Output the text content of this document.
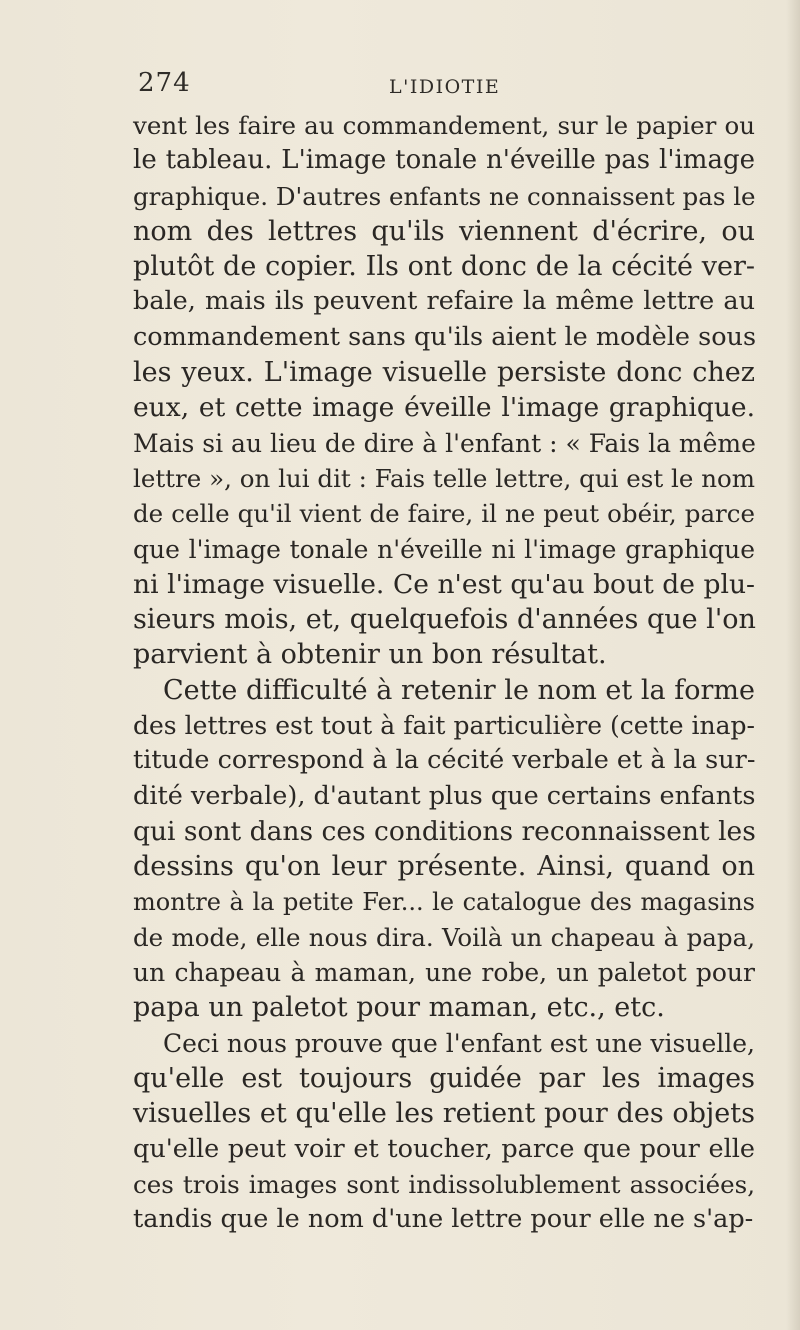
274	L'IDIOTIE
vent les faire au commandement, sur le papier ou
le tableau. L'image tonale n'éveille pas l'image
graphique. D'autres enfants ne connaissent pas le
nom des lettres qu'ils viennent d'écrire, ou
plutôt de copier. Ils ont donc de la cécité ver-
bale, mais ils peuvent refaire la même lettre au
commandement sans qu'ils aient le modèle sous
les yeux. L'image visuelle persiste donc chez
eux, et cette image éveille l'image graphique.
Mais si au lieu de dire à l'enfant : « Fais la même
lettre », on lui dit : Fais telle lettre, qui est le nom
de celle qu'il vient de faire, il ne peut obéir, parce
que l'image tonale n'éveille ni l'image graphique
ni l'image visuelle. Ce n'est qu'au bout de plu-
sieurs mois, et, quelquefois d'années que l'on
parvient à obtenir un bon résultat.
Cette difficulté à retenir le nom et la forme
des lettres est tout à fait particulière (cette inap-
titude correspond à la cécité verbale et à la sur-
dité verbale), d'autant plus que certains enfants
qui sont dans ces conditions reconnaissent les
dessins qu'on leur présente. Ainsi, quand on
montre à la petite Fer... le catalogue des magasins
de mode, elle nous dira. Voilà un chapeau à papa,
un chapeau à maman, une robe, un paletot pour
papa un paletot pour maman, etc., etc.
Ceci nous prouve que l'enfant est une visuelle,
qu'elle est toujours guidée par les images
visuelles et qu'elle les retient pour des objets
qu'elle peut voir et toucher, parce que pour elle
ces trois images sont indissolublement associées,
tandis que le nom d'une lettre pour elle ne s'ap-
